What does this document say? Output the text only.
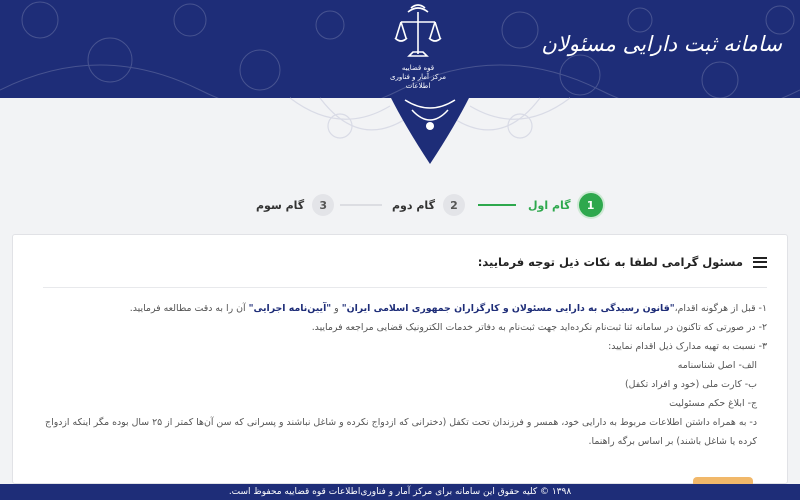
قوه قضاییه
مرکز آمار و فناوری اطلاعات
سامانه ثبت دارایی مسئولان
گام اول	1
گام دوم	2
گام سوم	3
مسئول گرامی لطفا به نکات ذیل توجه فرمایید:

۱- قبل از هرگونه اقدام،"قانون رسیدگی به دارایی مسئولان و کارگزاران جمهوری اسلامی ایران" و "آیین‌نامه اجرایی" آن را به دقت مطالعه فرمایید.

۲- در صورتی که تاکنون در سامانه ثنا ثبت‌نام نکرده‌اید جهت ثبت‌نام به دفاتر خدمات الکترونیک قضایی مراجعه فرمایید.

۳- نسبت به تهیه مدارک ذیل اقدام نمایید:

الف- اصل شناسنامه

ب- کارت ملی (خود و افراد تکفل)

ج- ابلاغ حکم مسئولیت

د- به همراه داشتن اطلاعات مربوط به دارایی خود، همسر و فرزندان تحت تکفل (دخترانی که ازدواج نکرده و شاغل نباشند و پسرانی که سن آن‌ها کمتر از ۲۵ سال بوده مگر اینکه ازدواج کرده یا شاغل باشند) بر اساس برگه راهنما.

۱۳۹۸ © کلیه حقوق این سامانه برای مرکز آمار و فناوری‌اطلاعات قوه قضاییه محفوظ است.
